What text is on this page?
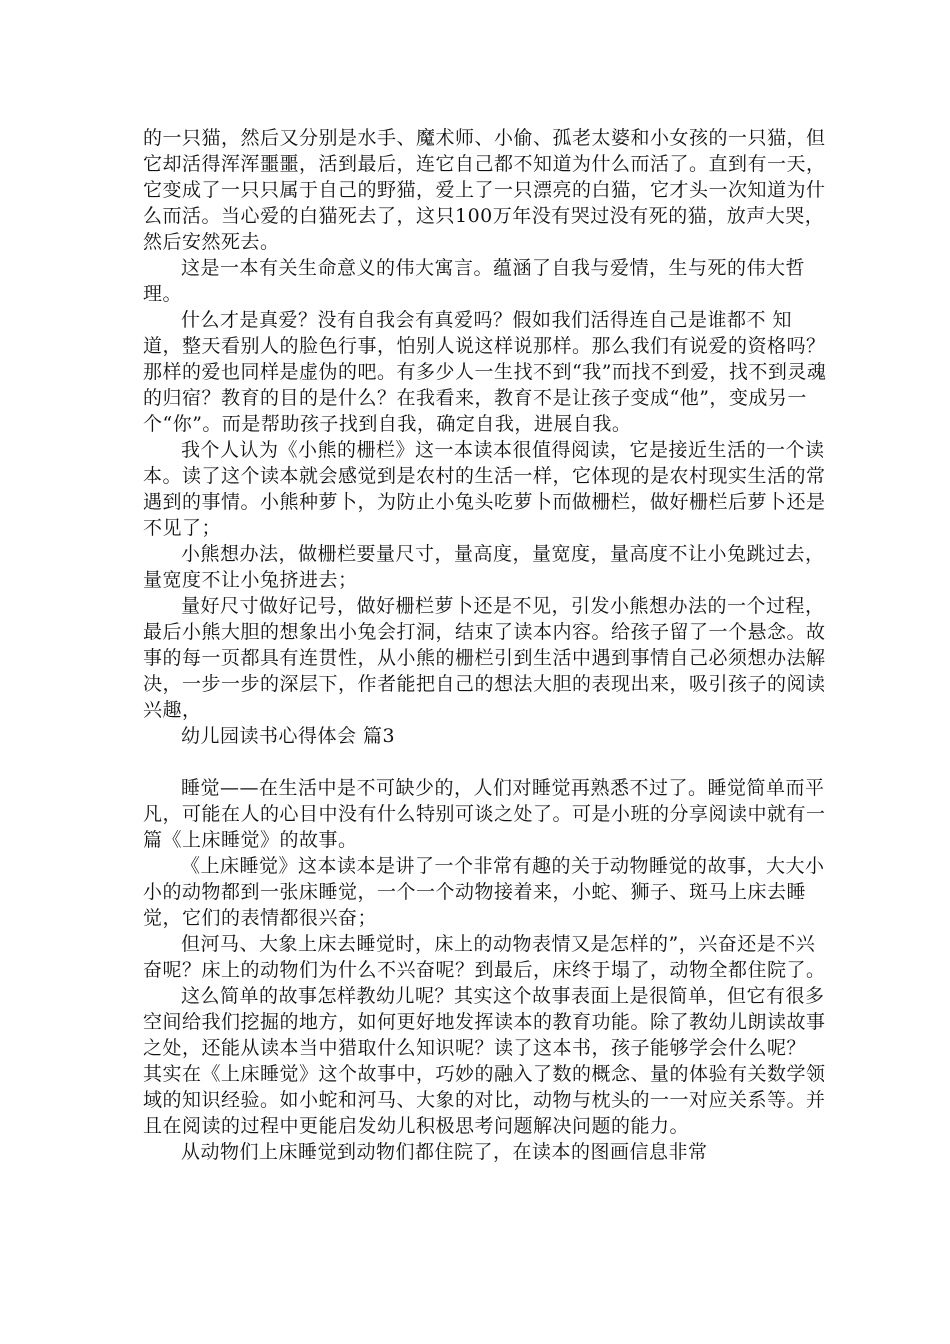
的一只猫，然后又分别是水手、魔术师、小偷、孤老太婆和小女孩的一只猫，但它却活得浑浑噩噩，活到最后，连它自己都不知道为什么而活了。直到有一天，它变成了一只只属于自己的野猫，爱上了一只漂亮的白猫，它才头一次知道为什么而活。当心爱的白猫死去了，这只100万年没有哭过没有死的猫，放声大哭，然后安然死去。

这是一本有关生命意义的伟大寓言。蕴涵了自我与爱情，生与死的伟大哲理。

什么才是真爱？没有自我会有真爱吗？假如我们活得连自己是谁都不 知道，整天看别人的脸色行事，怕别人说这样说那样。那么我们有说爱的资格吗？那样的爱也同样是虚伪的吧。有多少人一生找不到“我”而找不到爱，找不到灵魂的归宿？教育的目的是什么？在我看来，教育不是让孩子变成“他”，变成另一个“你”。而是帮助孩子找到自我，确定自我，进展自我。

我个人认为《小熊的栅栏》这一本读本很值得阅读，它是接近生活的一个读本。读了这个读本就会感觉到是农村的生活一样，它体现的是农村现实生活的常遇到的事情。小熊种萝卜，为防止小兔头吃萝卜而做栅栏，做好栅栏后萝卜还是不见了；

小熊想办法，做栅栏要量尺寸，量高度，量宽度，量高度不让小兔跳过去，量宽度不让小兔挤进去；

量好尺寸做好记号，做好栅栏萝卜还是不见，引发小熊想办法的一个过程，最后小熊大胆的想象出小兔会打洞，结束了读本内容。给孩子留了一个悬念。故事的每一页都具有连贯性，从小熊的栅栏引到生活中遇到事情自己必须想办法解决，一步一步的深层下，作者能把自己的想法大胆的表现出来，吸引孩子的阅读兴趣，

幼儿园读书心得体会 篇3

睡觉——在生活中是不可缺少的，人们对睡觉再熟悉不过了。睡觉简单而平凡，可能在人的心目中没有什么特别可谈之处了。可是小班的分享阅读中就有一篇《上床睡觉》的故事。

《上床睡觉》这本读本是讲了一个非常有趣的关于动物睡觉的故事，大大小小的动物都到一张床睡觉，一个一个动物接着来，小蛇、狮子、斑马上床去睡觉，它们的表情都很兴奋；

但河马、大象上床去睡觉时，床上的动物表情又是怎样的”，兴奋还是不兴奋呢？床上的动物们为什么不兴奋呢？到最后，床终于塌了，动物全都住院了。

这么简单的故事怎样教幼儿呢？其实这个故事表面上是很简单，但它有很多空间给我们挖掘的地方，如何更好地发挥读本的教育功能。除了教幼儿朗读故事之处，还能从读本当中猎取什么知识呢？读了这本书，孩子能够学会什么呢？ 其实在《上床睡觉》这个故事中，巧妙的融入了数的概念、量的体验有关数学领域的知识经验。如小蛇和河马、大象的对比，动物与枕头的一一对应关系等。并且在阅读的过程中更能启发幼儿积极思考问题解决问题的能力。

从动物们上床睡觉到动物们都住院了，在读本的图画信息非常
